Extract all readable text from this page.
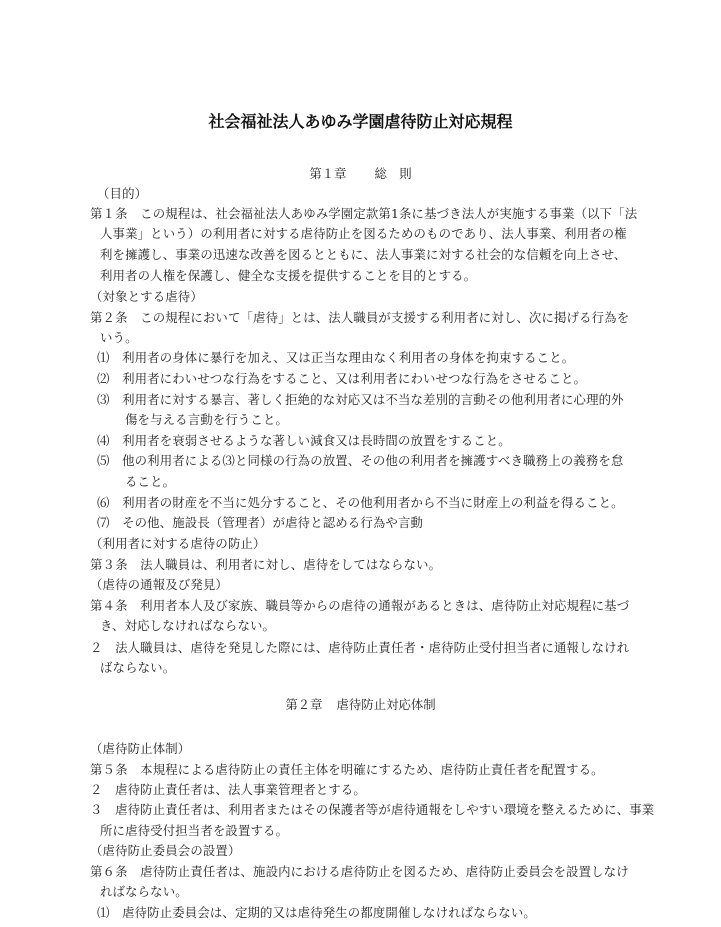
社会福祉法人あゆみ学園虐待防止対応規程
第１章 総　則
（目的）
第１条　この規程は、社会福祉法人あゆみ学園定款第1条に基づき法人が実施する事業（以下「法
人事業」という）の利用者に対する虐待防止を図るためのものであり、法人事業、利用者の権
利を擁護し、事業の迅速な改善を図るとともに、法人事業に対する社会的な信頼を向上させ、
利用者の人権を保護し、健全な支援を提供することを目的とする。
（対象とする虐待）
第２条　この規程において「虐待」とは、法人職員が支援する利用者に対し、次に掲げる行為を
いう。
⑴　利用者の身体に暴行を加え、又は正当な理由なく利用者の身体を拘束すること。
⑵　利用者にわいせつな行為をすること、又は利用者にわいせつな行為をさせること。
⑶　利用者に対する暴言、著しく拒絶的な対応又は不当な差別的言動その他利用者に心理的外
傷を与える言動を行うこと。
⑷　利用者を衰弱させるような著しい減食又は長時間の放置をすること。
⑸　他の利用者による⑶と同様の行為の放置、その他の利用者を擁護すべき職務上の義務を怠
ること。
⑹　利用者の財産を不当に処分すること、その他利用者から不当に財産上の利益を得ること。
⑺　その他、施設長（管理者）が虐待と認める行為や言動
（利用者に対する虐待の防止）
第３条　法人職員は、利用者に対し、虐待をしてはならない。
（虐待の通報及び発見）
第４条　利用者本人及び家族、職員等からの虐待の通報があるときは、虐待防止対応規程に基づ
き、対応しなければならない。
２　法人職員は、虐待を発見した際には、虐待防止責任者・虐待防止受付担当者に通報しなけれ
ばならない。
第２章 虐待防止対応体制
（虐待防止体制）
第５条　本規程による虐待防止の責任主体を明確にするため、虐待防止責任者を配置する。
２　虐待防止責任者は、法人事業管理者とする。
３　虐待防止責任者は、利用者またはその保護者等が虐待通報をしやすい環境を整えるために、事業
所に虐待受付担当者を設置する。
（虐待防止委員会の設置）
第６条　虐待防止責任者は、施設内における虐待防止を図るため、虐待防止委員会を設置しなけ
ればならない。
⑴　虐待防止委員会は、定期的又は虐待発生の都度開催しなければならない。
